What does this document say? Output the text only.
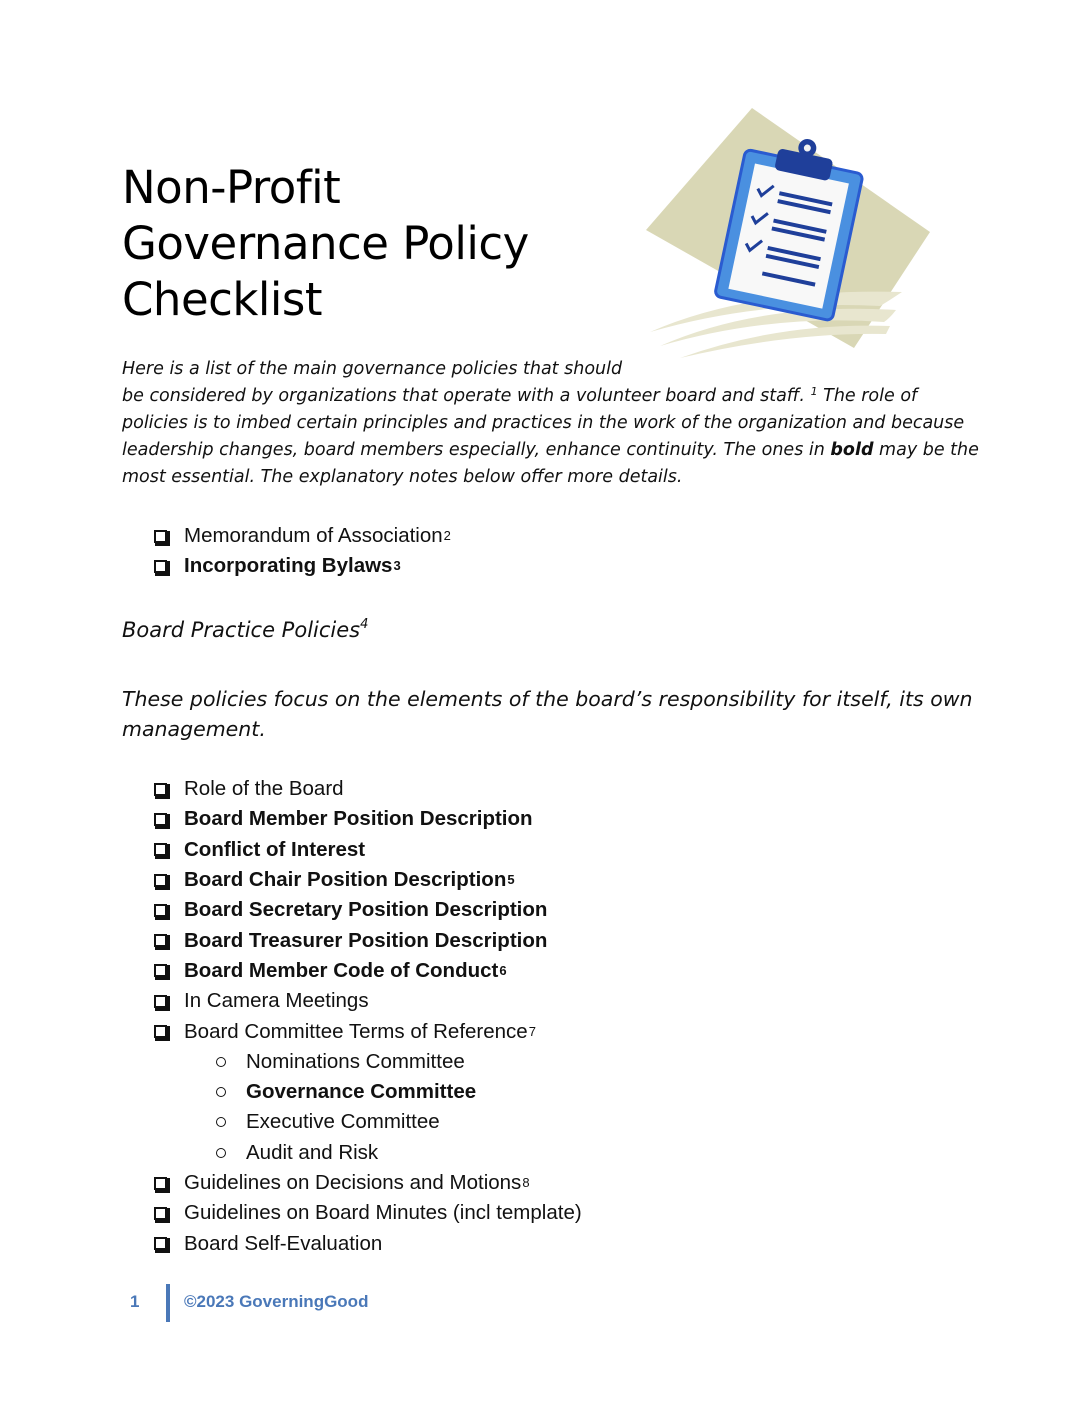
Non-Profit
Governance Policy
Checklist

Here is a list of the main governance policies that should
be considered by organizations that operate with a volunteer board and staff. $^1$ The role of
policies is to imbed certain principles and practices in the work of the organization and because
leadership changes, board members especially, enhance continuity. The ones in bold may be the
most essential. The explanatory notes below offer more details.

Memorandum of Association 2
Incorporating Bylaws 3
Board Practice Policies$^4$

These policies focus on the elements of the board’s responsibility for itself, its own management.

Role of the Board
Board Member Position Description
Conflict of Interest
Board Chair Position Description 5
Board Secretary Position Description
Board Treasurer Position Description
Board Member Code of Conduct 6
In Camera Meetings
Board Committee Terms of Reference 7
Nominations Committee
Governance Committee
Executive Committee
Audit and Risk
Guidelines on Decisions and Motions 8
Guidelines on Board Minutes (incl template)
Board Self-Evaluation
1	©2023 GoverningGood
